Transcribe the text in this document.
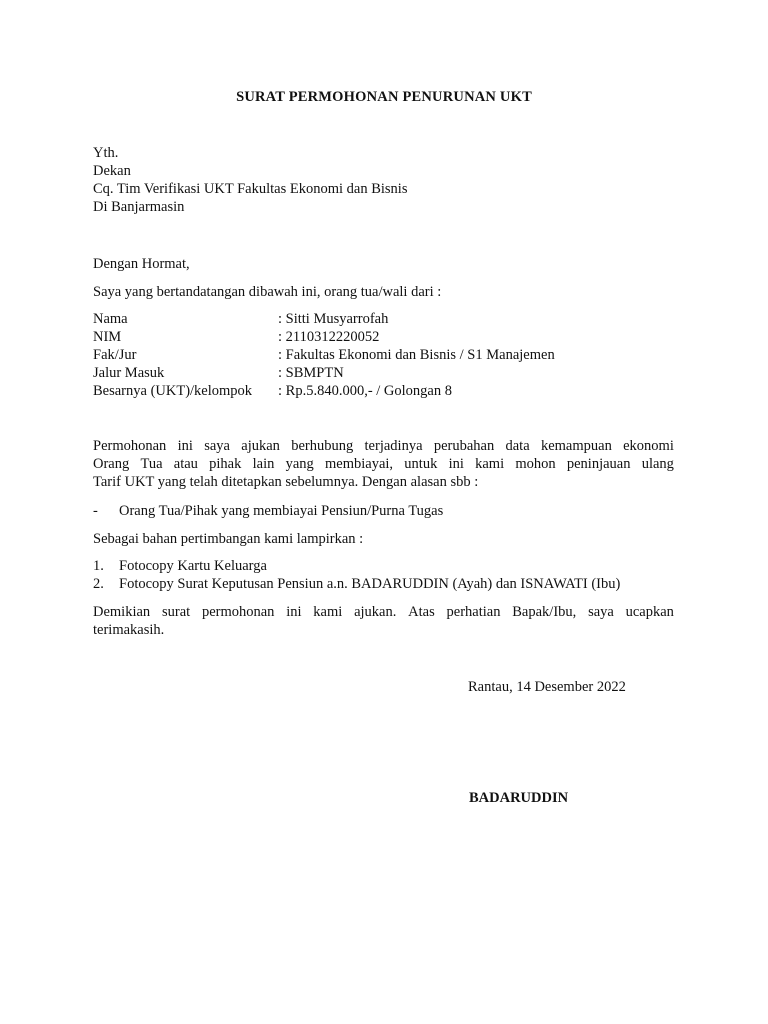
SURAT PERMOHONAN PENURUNAN UKT
Yth.
Dekan
Cq. Tim Verifikasi UKT Fakultas Ekonomi dan Bisnis
Di Banjarmasin
Dengan Hormat,
Saya yang bertandatangan dibawah ini, orang tua/wali dari :
Nama	: Sitti Musyarrofah
NIM	: 2110312220052
Fak/Jur	: Fakultas Ekonomi dan Bisnis / S1 Manajemen
Jalur Masuk	: SBMPTN
Besarnya (UKT)/kelompok	: Rp.5.840.000,- / Golongan 8
Permohonan ini saya ajukan berhubung terjadinya perubahan data kemampuan ekonomi
Orang Tua atau pihak lain yang membiayai, untuk ini kami mohon peninjauan ulang
Tarif UKT yang telah ditetapkan sebelumnya. Dengan alasan sbb :
-	Orang Tua/Pihak yang membiayai Pensiun/Purna Tugas
Sebagai bahan pertimbangan kami lampirkan :
1.	Fotocopy Kartu Keluarga
2.	Fotocopy Surat Keputusan Pensiun a.n. BADARUDDIN (Ayah) dan ISNAWATI (Ibu)
Demikian surat permohonan ini kami ajukan. Atas perhatian Bapak/Ibu, saya ucapkan
terimakasih.
Rantau, 14 Desember 2022
BADARUDDIN
